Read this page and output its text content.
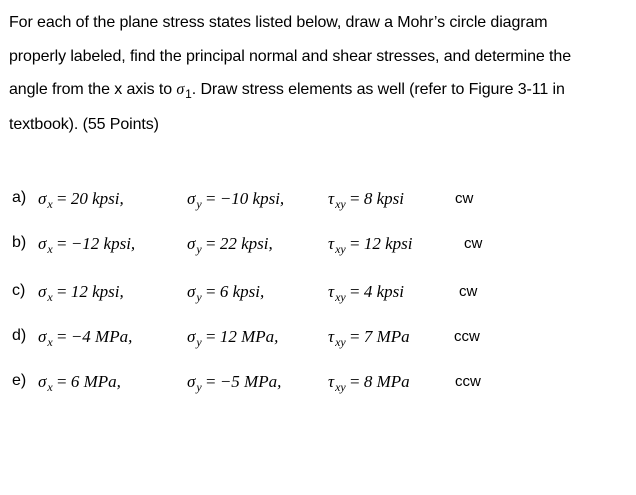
For each of the plane stress states listed below, draw a Mohr’s circle diagram
properly labeled, find the principal normal and shear stresses, and determine the
angle from the x axis to $\sigma_1$. Draw stress elements as well (refer to Figure 3-11 in
textbook). (55 Points)
a) $\sigma_x = 20$ kpsi,	$\sigma_y = -10$ kpsi,	$\tau_{xy} = 8$ kpsi	cw
b) $\sigma_x = -12$ kpsi,	$\sigma_y = 22$ kpsi,	$\tau_{xy} = 12$ kpsi	cw
c) $\sigma_x = 12$ kpsi,	$\sigma_y = 6$ kpsi,	$\tau_{xy} = 4$ kpsi	cw
d) $\sigma_x = -4$ MPa,	$\sigma_y = 12$ MPa,	$\tau_{xy} = 7$ MPa	ccw
e) $\sigma_x = 6$ MPa,	$\sigma_y = -5$ MPa,	$\tau_{xy} = 8$ MPa	ccw
